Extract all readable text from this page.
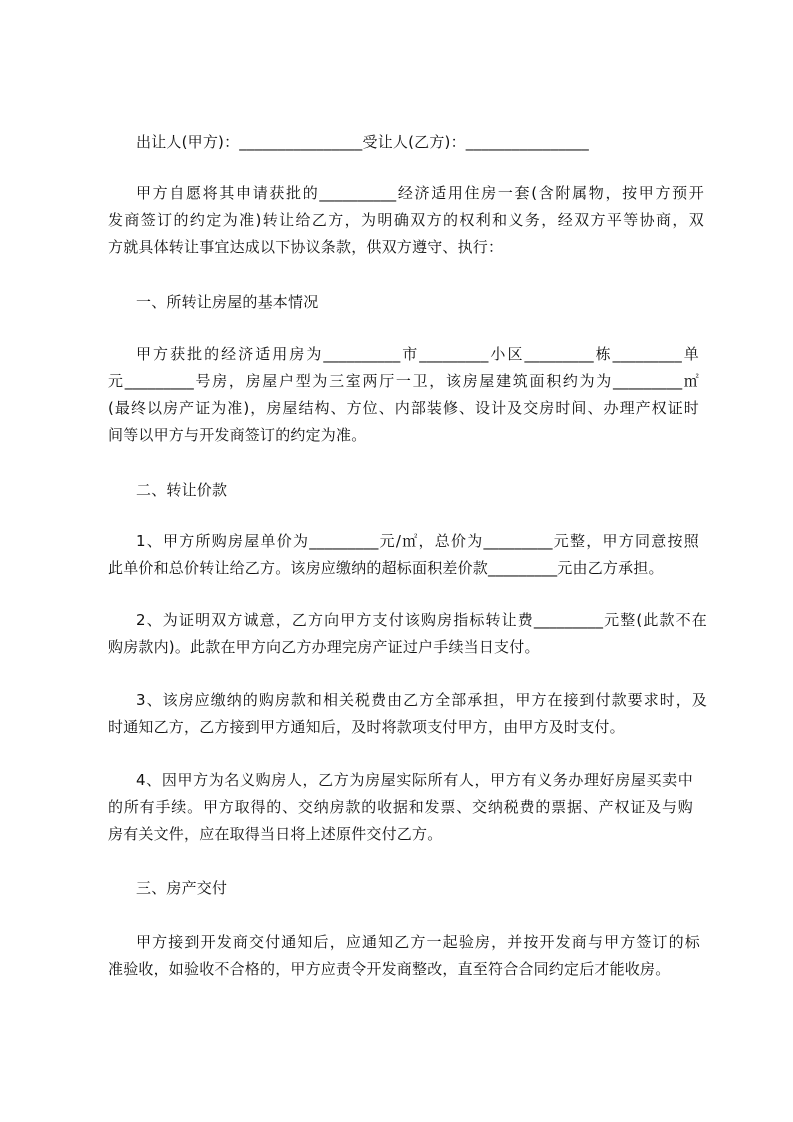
出让人(甲方)：________________受让人(乙方)：________________
甲方自愿将其申请获批的__________经济适用住房一套(含附属物，按甲方预开
发商签订的约定为准)转让给乙方，为明确双方的权利和义务，经双方平等协商，双
方就具体转让事宜达成以下协议条款，供双方遵守、执行：
一、所转让房屋的基本情况
甲方获批的经济适用房为__________市_________小区_________栋_________单
元_________号房，房屋户型为三室两厅一卫，该房屋建筑面积约为为_________㎡
(最终以房产证为准)，房屋结构、方位、内部装修、设计及交房时间、办理产权证时
间等以甲方与开发商签订的约定为准。
二、转让价款
1、甲方所购房屋单价为_________元/㎡，总价为_________元整，甲方同意按照
此单价和总价转让给乙方。该房应缴纳的超标面积差价款_________元由乙方承担。
2、为证明双方诚意，乙方向甲方支付该购房指标转让费_________元整(此款不在
购房款内)。此款在甲方向乙方办理完房产证过户手续当日支付。
3、该房应缴纳的购房款和相关税费由乙方全部承担，甲方在接到付款要求时，及
时通知乙方，乙方接到甲方通知后，及时将款项支付甲方，由甲方及时支付。
4、因甲方为名义购房人，乙方为房屋实际所有人，甲方有义务办理好房屋买卖中
的所有手续。甲方取得的、交纳房款的收据和发票、交纳税费的票据、产权证及与购
房有关文件，应在取得当日将上述原件交付乙方。
三、房产交付
甲方接到开发商交付通知后，应通知乙方一起验房，并按开发商与甲方签订的标
准验收，如验收不合格的，甲方应责令开发商整改，直至符合合同约定后才能收房。
